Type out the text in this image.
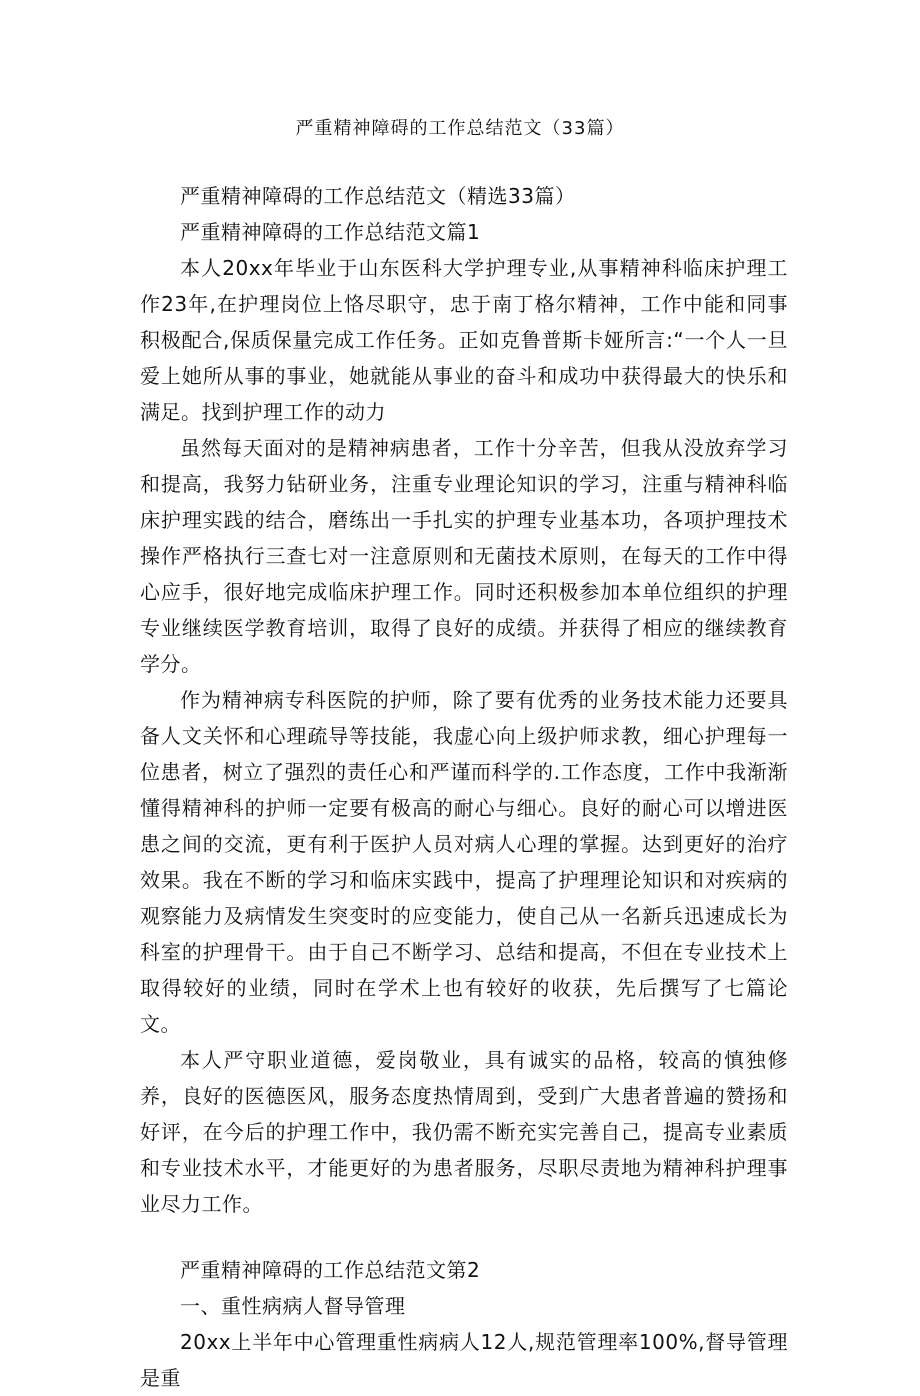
严重精神障碍的工作总结范文（33篇）

严重精神障碍的工作总结范文（精选33篇）

严重精神障碍的工作总结范文篇1

本人20xx年毕业于山东医科大学护理专业,从事精神科临床护理工作23年,在护理岗位上恪尽职守，忠于南丁格尔精神，工作中能和同事积极配合,保质保量完成工作任务。正如克鲁普斯卡娅所言:“一个人一旦爱上她所从事的事业，她就能从事业的奋斗和成功中获得最大的快乐和满足。找到护理工作的动力

虽然每天面对的是精神病患者，工作十分辛苦，但我从没放弃学习和提高，我努力钻研业务，注重专业理论知识的学习，注重与精神科临床护理实践的结合，磨练出一手扎实的护理专业基本功，各项护理技术操作严格执行三查七对一注意原则和无菌技术原则，在每天的工作中得心应手，很好地完成临床护理工作。同时还积极参加本单位组织的护理专业继续医学教育培训，取得了良好的成绩。并获得了相应的继续教育学分。

作为精神病专科医院的护师，除了要有优秀的业务技术能力还要具备人文关怀和心理疏导等技能，我虚心向上级护师求教，细心护理每一位患者，树立了强烈的责任心和严谨而科学的.工作态度，工作中我渐渐懂得精神科的护师一定要有极高的耐心与细心。良好的耐心可以增进医患之间的交流，更有利于医护人员对病人心理的掌握。达到更好的治疗效果。我在不断的学习和临床实践中，提高了护理理论知识和对疾病的观察能力及病情发生突变时的应变能力，使自己从一名新兵迅速成长为科室的护理骨干。由于自己不断学习、总结和提高，不但在专业技术上取得较好的业绩，同时在学术上也有较好的收获，先后撰写了七篇论文。

本人严守职业道德，爱岗敬业，具有诚实的品格，较高的慎独修养，良好的医德医风，服务态度热情周到，受到广大患者普遍的赞扬和好评，在今后的护理工作中，我仍需不断充实完善自己，提高专业素质和专业技术水平，才能更好的为患者服务，尽职尽责地为精神科护理事业尽力工作。

严重精神障碍的工作总结范文第2

一、重性病病人督导管理

20xx上半年中心管理重性病病人12人,规范管理率100%,督导管理是重
